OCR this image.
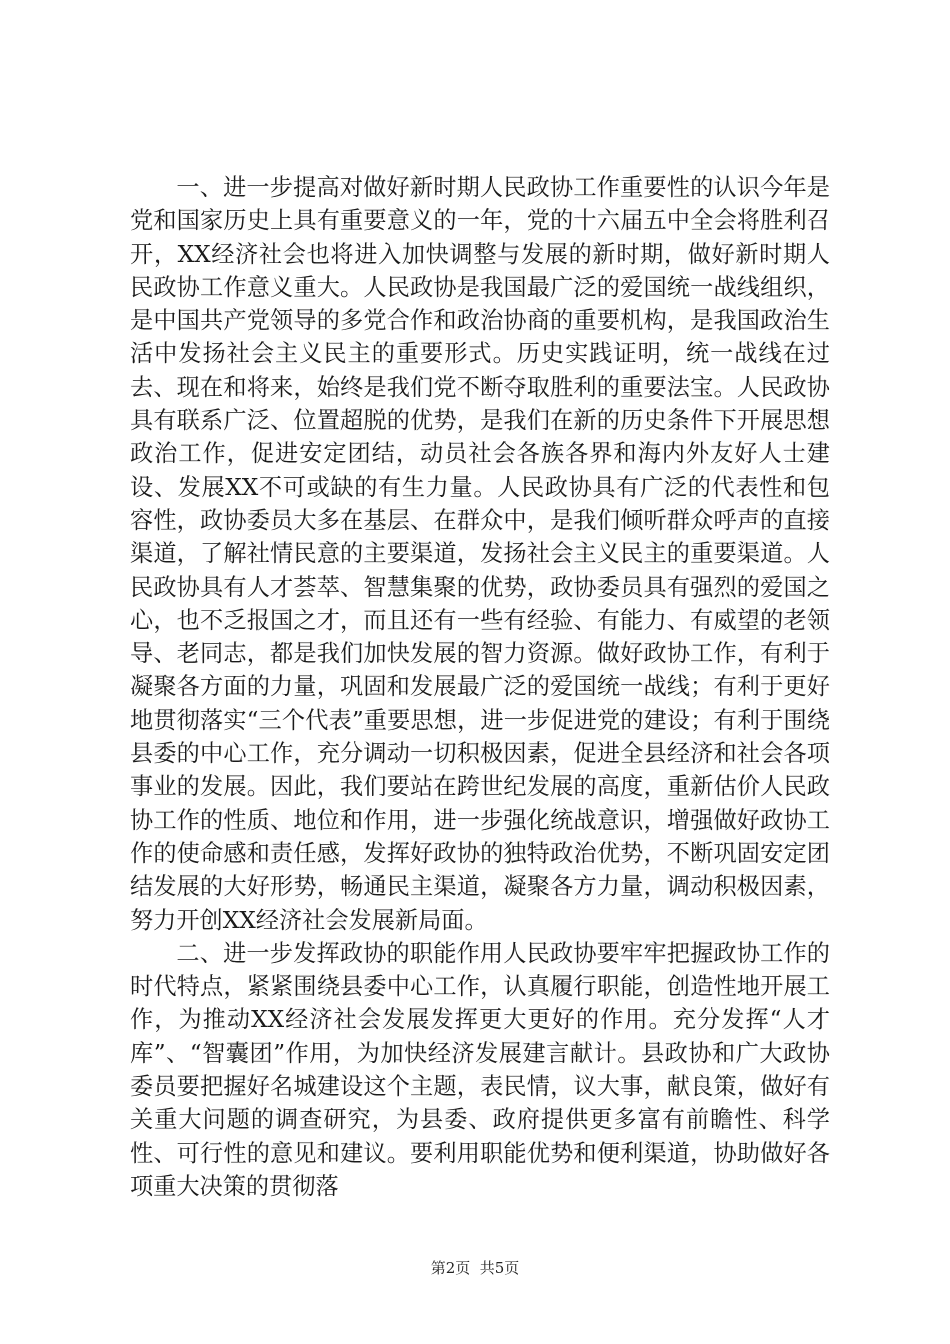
一、进一步提高对做好新时期人民政协工作重要性的认识今年是党和国家历史上具有重要意义的一年，党的十六届五中全会将胜利召开，XX经济社会也将进入加快调整与发展的新时期，做好新时期人民政协工作意义重大。人民政协是我国最广泛的爱国统一战线组织，是中国共产党领导的多党合作和政治协商的重要机构，是我国政治生活中发扬社会主义民主的重要形式。历史实践证明，统一战线在过去、现在和将来，始终是我们党不断夺取胜利的重要法宝。人民政协具有联系广泛、位置超脱的优势，是我们在新的历史条件下开展思想政治工作，促进安定团结，动员社会各族各界和海内外友好人士建设、发展XX不可或缺的有生力量。人民政协具有广泛的代表性和包容性，政协委员大多在基层、在群众中，是我们倾听群众呼声的直接渠道，了解社情民意的主要渠道，发扬社会主义民主的重要渠道。人民政协具有人才荟萃、智慧集聚的优势，政协委员具有强烈的爱国之心，也不乏报国之才，而且还有一些有经验、有能力、有威望的老领导、老同志，都是我们加快发展的智力资源。做好政协工作，有利于凝聚各方面的力量，巩固和发展最广泛的爱国统一战线；有利于更好地贯彻落实“三个代表”重要思想，进一步促进党的建设；有利于围绕县委的中心工作，充分调动一切积极因素，促进全县经济和社会各项事业的发展。因此，我们要站在跨世纪发展的高度，重新估价人民政协工作的性质、地位和作用，进一步强化统战意识，增强做好政协工作的使命感和责任感，发挥好政协的独特政治优势，不断巩固安定团结发展的大好形势，畅通民主渠道，凝聚各方力量，调动积极因素，努力开创XX经济社会发展新局面。

二、进一步发挥政协的职能作用人民政协要牢牢把握政协工作的时代特点，紧紧围绕县委中心工作，认真履行职能，创造性地开展工作，为推动XX经济社会发展发挥更大更好的作用。充分发挥“人才库”、“智囊团”作用，为加快经济发展建言献计。县政协和广大政协委员要把握好名城建设这个主题，表民情，议大事，献良策，做好有关重大问题的调查研究，为县委、政府提供更多富有前瞻性、科学性、可行性的意见和建议。要利用职能优势和便利渠道，协助做好各项重大决策的贯彻落

第2页  共5页
